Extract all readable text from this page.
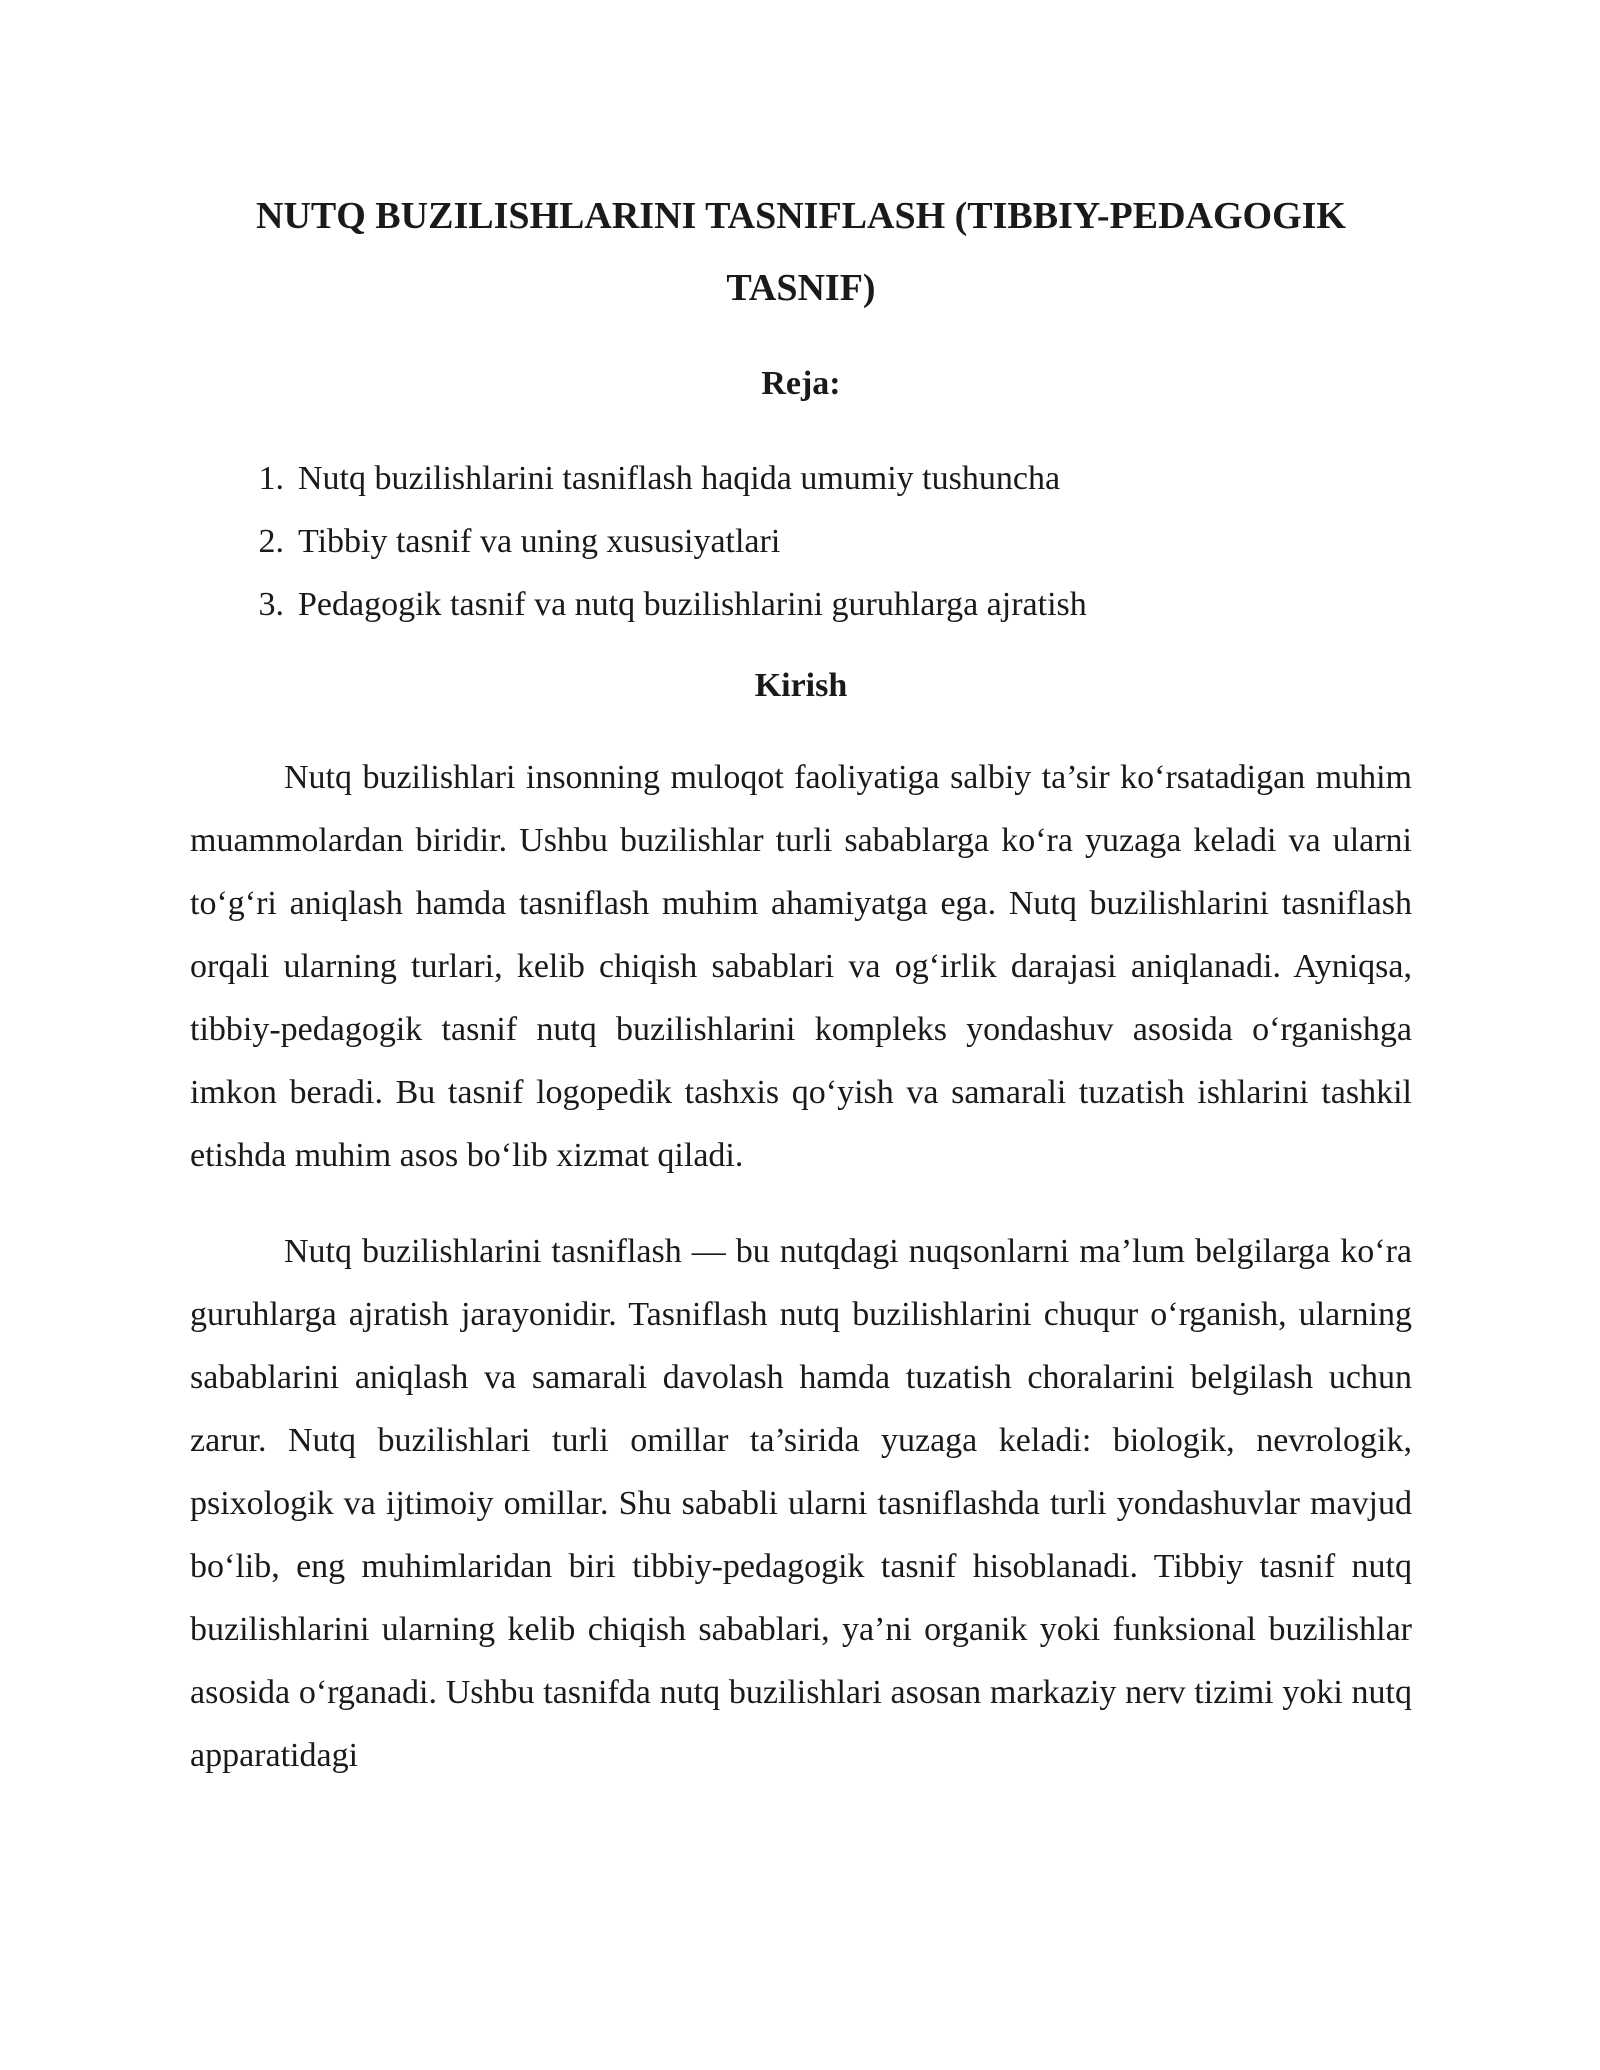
NUTQ BUZILISHLARINI TASNIFLASH (TIBBIY-PEDAGOGIK TASNIF)
Reja:
1. Nutq buzilishlarini tasniflash haqida umumiy tushuncha
2. Tibbiy tasnif va uning xususiyatlari
3. Pedagogik tasnif va nutq buzilishlarini guruhlarga ajratish
Kirish

Nutq buzilishlari insonning muloqot faoliyatiga salbiy ta’sir ko‘rsatadigan muhim muammolardan biridir. Ushbu buzilishlar turli sabablarga ko‘ra yuzaga keladi va ularni to‘g‘ri aniqlash hamda tasniflash muhim ahamiyatga ega. Nutq buzilishlarini tasniflash orqali ularning turlari, kelib chiqish sabablari va og‘irlik darajasi aniqlanadi. Ayniqsa, tibbiy-pedagogik tasnif nutq buzilishlarini kompleks yondashuv asosida o‘rganishga imkon beradi. Bu tasnif logopedik tashxis qo‘yish va samarali tuzatish ishlarini tashkil etishda muhim asos bo‘lib xizmat qiladi.

Nutq buzilishlarini tasniflash — bu nutqdagi nuqsonlarni ma’lum belgilarga ko‘ra guruhlarga ajratish jarayonidir. Tasniflash nutq buzilishlarini chuqur o‘rganish, ularning sabablarini aniqlash va samarali davolash hamda tuzatish choralarini belgilash uchun zarur. Nutq buzilishlari turli omillar ta’sirida yuzaga keladi: biologik, nevrologik, psixologik va ijtimoiy omillar. Shu sababli ularni tasniflashda turli yondashuvlar mavjud bo‘lib, eng muhimlaridan biri tibbiy-pedagogik tasnif hisoblanadi. Tibbiy tasnif nutq buzilishlarini ularning kelib chiqish sabablari, ya’ni organik yoki funksional buzilishlar asosida o‘rganadi. Ushbu tasnifda nutq buzilishlari asosan markaziy nerv tizimi yoki nutq apparatidagi
